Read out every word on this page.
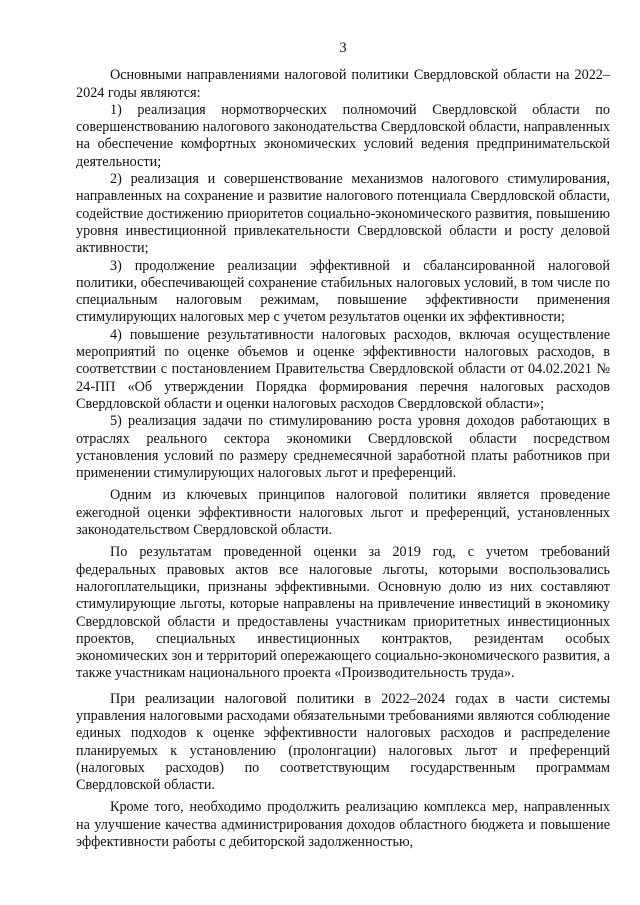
3

Основными направлениями налоговой политики Свердловской области на 2022–2024 годы являются:

1) реализация нормотворческих полномочий Свердловской области по совершенствованию налогового законодательства Свердловской области, направленных на обеспечение комфортных экономических условий ведения предпринимательской деятельности;

2) реализация и совершенствование механизмов налогового стимулирования, направленных на сохранение и развитие налогового потенциала Свердловской области, содействие достижению приоритетов социально-экономического развития, повышению уровня инвестиционной привлекательности Свердловской области и росту деловой активности;

3) продолжение реализации эффективной и сбалансированной налоговой политики, обеспечивающей сохранение стабильных налоговых условий, в том числе по специальным налоговым режимам, повышение эффективности применения стимулирующих налоговых мер с учетом результатов оценки их эффективности;

4) повышение результативности налоговых расходов, включая осуществление мероприятий по оценке объемов и оценке эффективности налоговых расходов, в соответствии с постановлением Правительства Свердловской области от 04.02.2021 № 24-ПП «Об утверждении Порядка формирования перечня налоговых расходов Свердловской области и оценки налоговых расходов Свердловской области»;

5) реализация задачи по стимулированию роста уровня доходов работающих в отраслях реального сектора экономики Свердловской области посредством установления условий по размеру среднемесячной заработной платы работников при применении стимулирующих налоговых льгот и преференций.

Одним из ключевых принципов налоговой политики является проведение ежегодной оценки эффективности налоговых льгот и преференций, установленных законодательством Свердловской области.

По результатам проведенной оценки за 2019 год, с учетом требований федеральных правовых актов все налоговые льготы, которыми воспользовались налогоплательщики, признаны эффективными. Основную долю из них составляют стимулирующие льготы, которые направлены на привлечение инвестиций в экономику Свердловской области и предоставлены участникам приоритетных инвестиционных проектов, специальных инвестиционных контрактов, резидентам особых экономических зон и территорий опережающего социально-экономического развития, а также участникам национального проекта «Производительность труда».

При реализации налоговой политики в 2022–2024 годах в части системы управления налоговыми расходами обязательными требованиями являются соблюдение единых подходов к оценке эффективности налоговых расходов и распределение планируемых к установлению (пролонгации) налоговых льгот и преференций (налоговых расходов) по соответствующим государственным программам Свердловской области.

Кроме того, необходимо продолжить реализацию комплекса мер, направленных на улучшение качества администрирования доходов областного бюджета и повышение эффективности работы с дебиторской задолженностью,
